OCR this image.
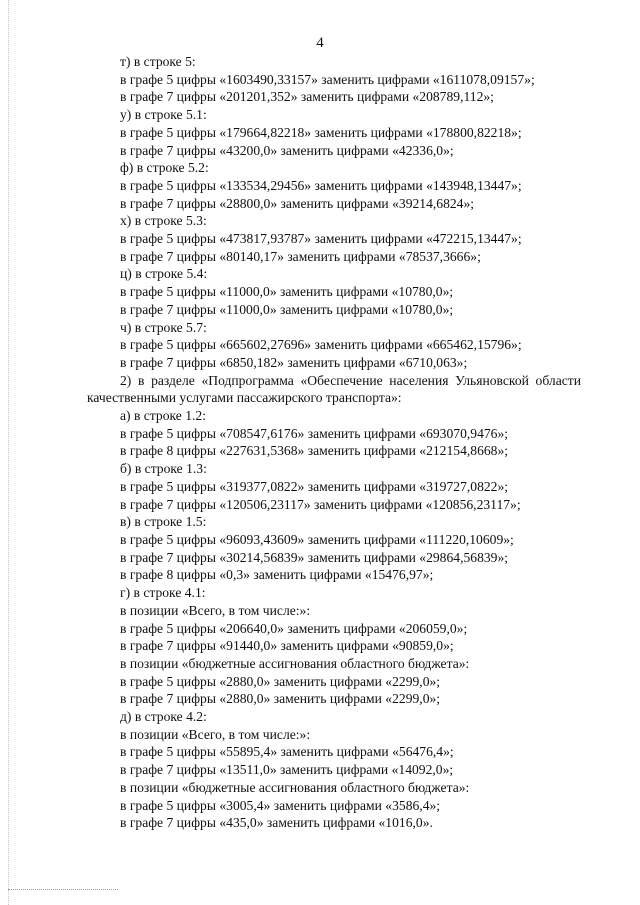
4
т) в строке 5:
в графе 5 цифры «1603490,33157» заменить цифрами «1611078,09157»;
в графе 7 цифры «201201,352» заменить цифрами «208789,112»;
у) в строке 5.1:
в графе 5 цифры «179664,82218» заменить цифрами «178800,82218»;
в графе 7 цифры «43200,0» заменить цифрами «42336,0»;
ф) в строке 5.2:
в графе 5 цифры «133534,29456» заменить цифрами «143948,13447»;
в графе 7 цифры «28800,0» заменить цифрами «39214,6824»;
х) в строке 5.3:
в графе 5 цифры «473817,93787» заменить цифрами «472215,13447»;
в графе 7 цифры «80140,17» заменить цифрами «78537,3666»;
ц) в строке 5.4:
в графе 5 цифры «11000,0» заменить цифрами «10780,0»;
в графе 7 цифры «11000,0» заменить цифрами «10780,0»;
ч) в строке 5.7:
в графе 5 цифры «665602,27696» заменить цифрами «665462,15796»;
в графе 7 цифры «6850,182» заменить цифрами «6710,063»;
2) в разделе «Подпрограмма «Обеспечение населения Ульяновской области качественными услугами пассажирского транспорта»:
а) в строке 1.2:
в графе 5 цифры «708547,6176» заменить цифрами «693070,9476»;
в графе 8 цифры «227631,5368» заменить цифрами «212154,8668»;
б) в строке 1.3:
в графе 5 цифры «319377,0822» заменить цифрами «319727,0822»;
в графе 7 цифры «120506,23117» заменить цифрами «120856,23117»;
в) в строке 1.5:
в графе 5 цифры «96093,43609» заменить цифрами «111220,10609»;
в графе 7 цифры «30214,56839» заменить цифрами «29864,56839»;
в графе 8 цифры «0,3» заменить цифрами «15476,97»;
г) в строке 4.1:
в позиции «Всего, в том числе:»:
в графе 5 цифры «206640,0» заменить цифрами «206059,0»;
в графе 7 цифры «91440,0» заменить цифрами «90859,0»;
в позиции «бюджетные ассигнования областного бюджета»:
в графе 5 цифры «2880,0» заменить цифрами «2299,0»;
в графе 7 цифры «2880,0» заменить цифрами «2299,0»;
д) в строке 4.2:
в позиции «Всего, в том числе:»:
в графе 5 цифры «55895,4» заменить цифрами «56476,4»;
в графе 7 цифры «13511,0» заменить цифрами «14092,0»;
в позиции «бюджетные ассигнования областного бюджета»:
в графе 5 цифры «3005,4» заменить цифрами «3586,4»;
в графе 7 цифры «435,0» заменить цифрами «1016,0».
